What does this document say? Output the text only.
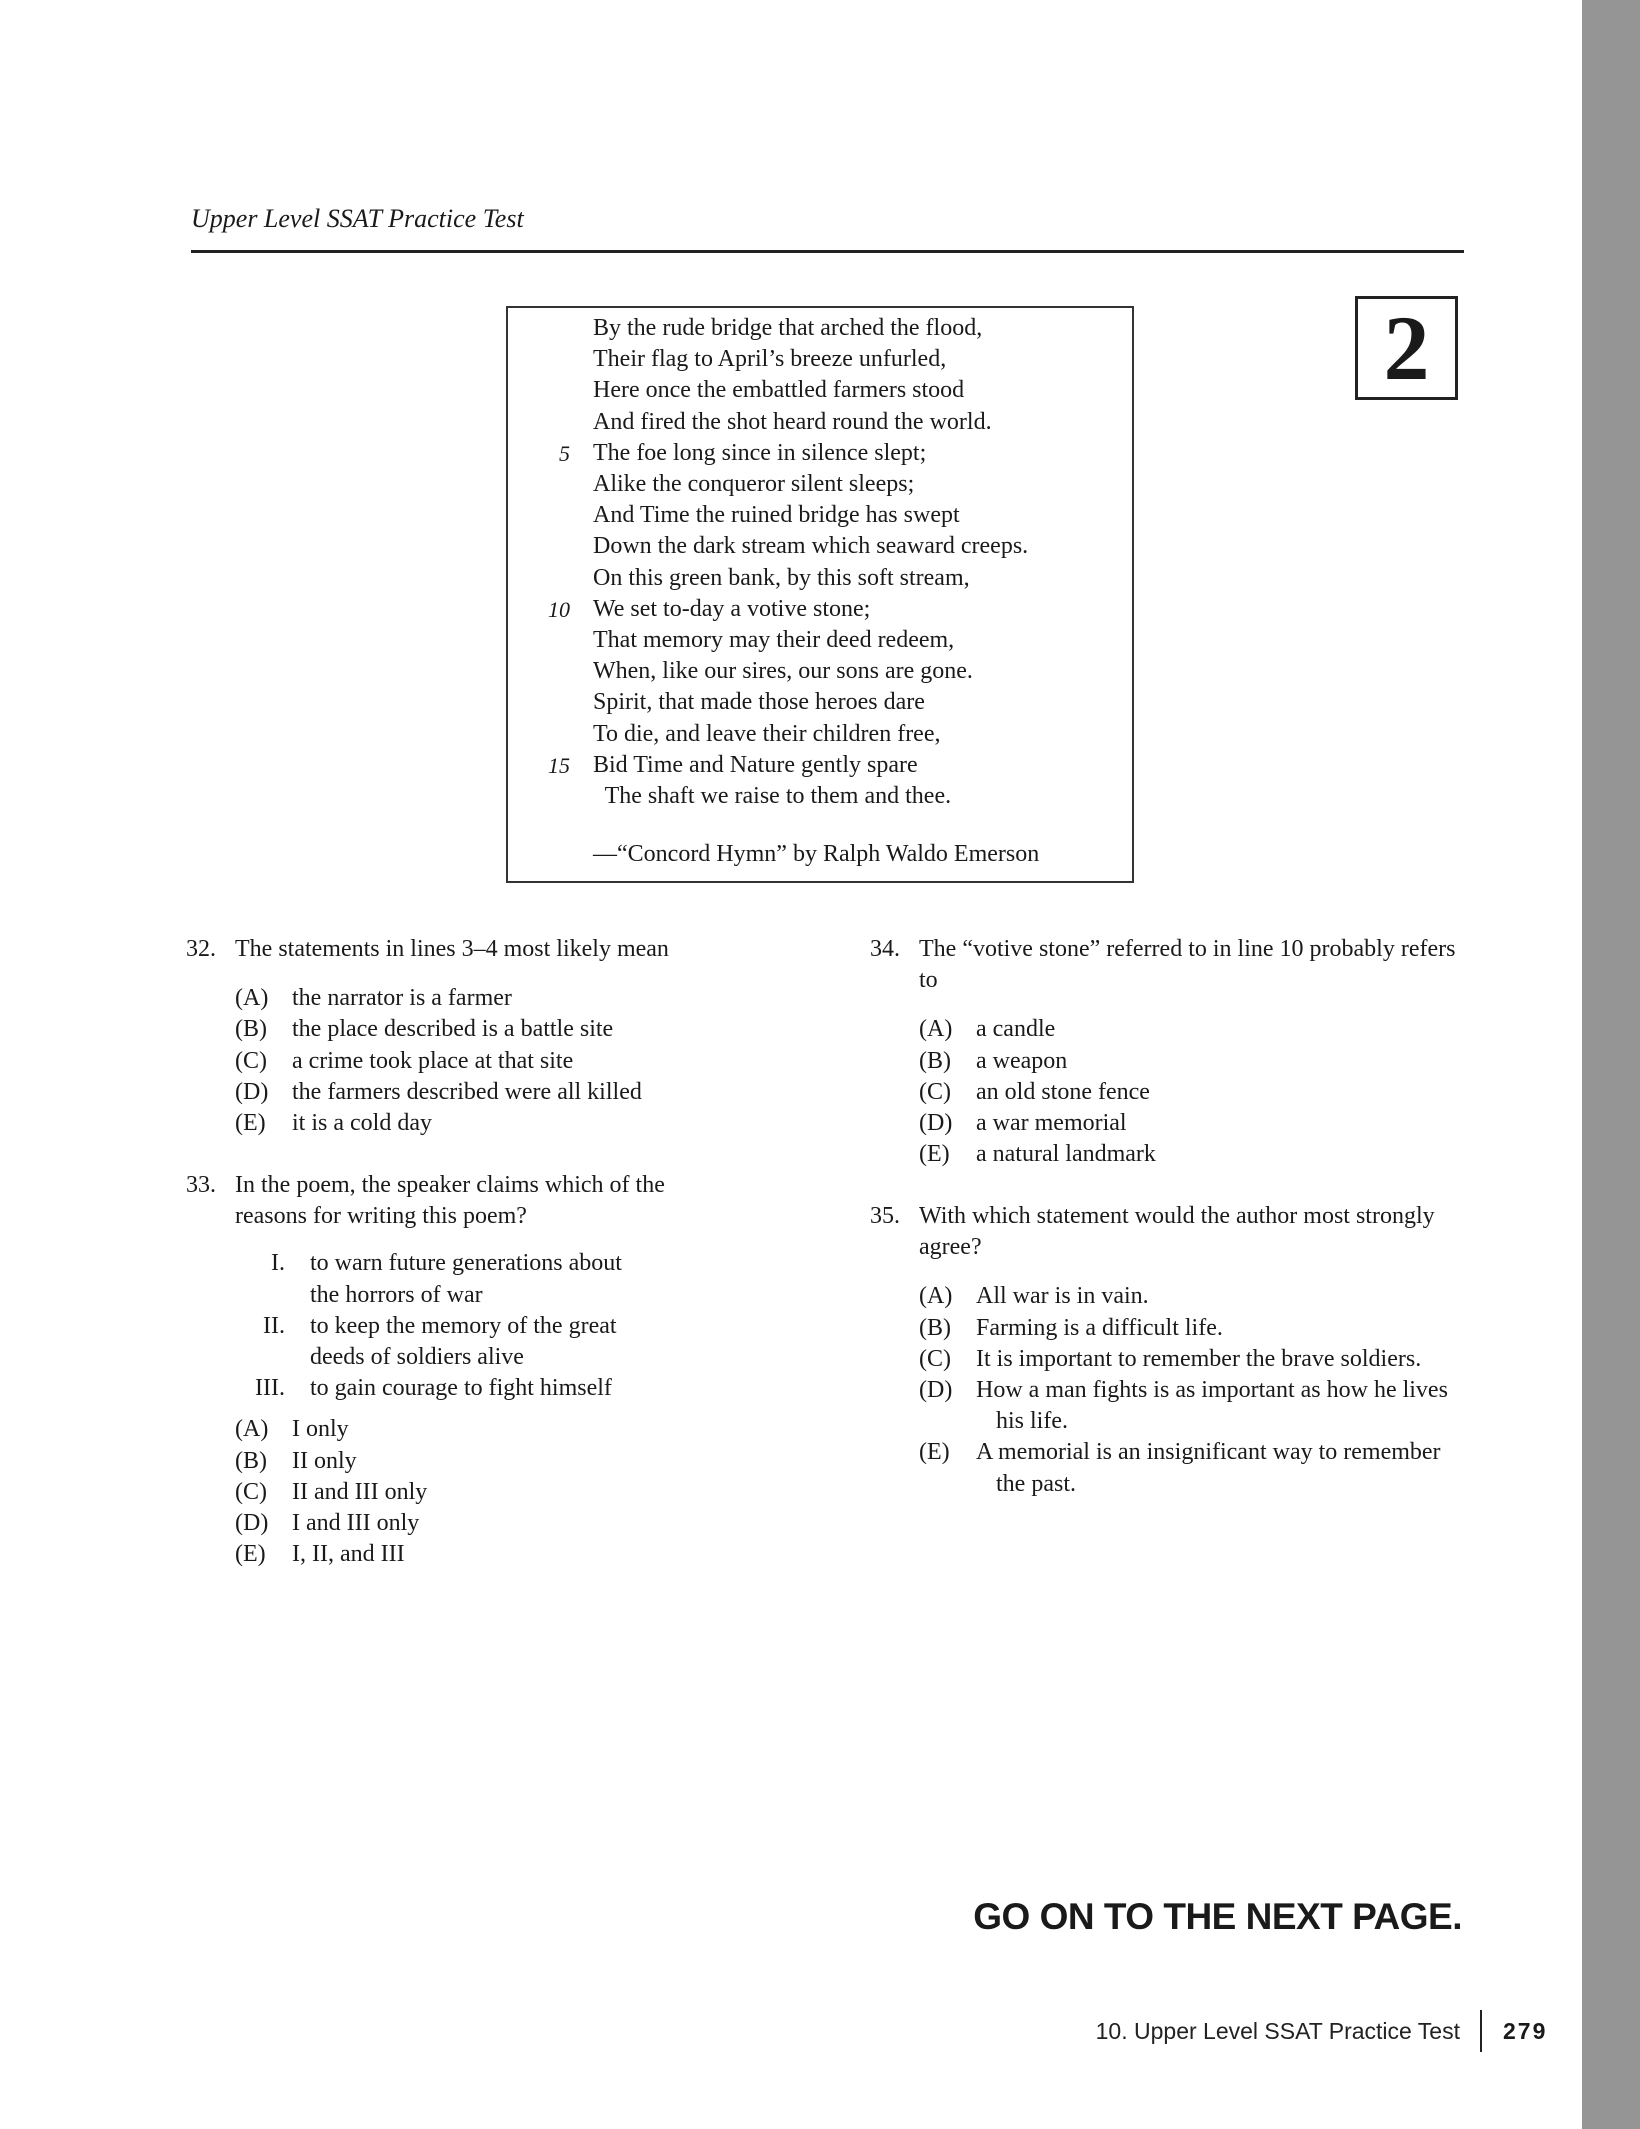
Upper Level SSAT Practice Test
By the rude bridge that arched the flood,
Their flag to April’s breeze unfurled,
Here once the embattled farmers stood
And fired the shot heard round the world.
The foe long since in silence slept;
5
Alike the conqueror silent sleeps;
And Time the ruined bridge has swept
Down the dark stream which seaward creeps.
On this green bank, by this soft stream,
We set to-day a votive stone;
10
That memory may their deed redeem,
When, like our sires, our sons are gone.
Spirit, that made those heroes dare
To die, and leave their children free,
Bid Time and Nature gently spare
15
The shaft we raise to them and thee.
—“Concord Hymn” by Ralph Waldo Emerson
2
32. The statements in lines 3–4 most likely mean
(A) the narrator is a farmer
(B)	the place described is a battle site
(C)	a crime took place at that site
(D) the farmers described were all killed
(E)	it is a cold day
33. In the poem, the speaker claims which of the reasons for writing this poem?
I. to warn future generations about the horrors of war
II. to keep the memory of the great deeds of soldiers alive
III. to gain courage to fight himself
(A) I only
(B)	II only
(C)	II and III only
(D) I and III only
(E)	I, II, and III
34. The “votive stone” referred to in line 10 probably refers to
(A) a candle
(B)	a weapon
(C)	an old stone fence
(D) a war memorial
(E)	a natural landmark
35. With which statement would the author most strongly agree?
(A) All war is in vain.
(B)	Farming is a difficult life.
(C)	It is important to remember the brave soldiers.
(D) How a man fights is as important as how he lives his life.
(E)	A memorial is an insignificant way to remember the past.
GO ON TO THE NEXT PAGE.
10. Upper Level SSAT Practice Test 279
